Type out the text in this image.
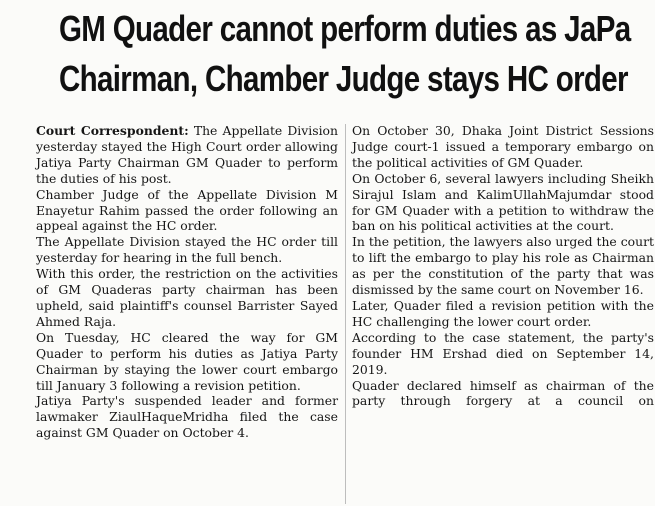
GM Quader cannot perform duties as JaPa
Chairman, Chamber Judge stays HC order

Court Correspondent: The Appellate Division yesterday stayed the High Court order allowing Jatiya Party Chairman GM Quader to perform the duties of his post.

Chamber Judge of the Appellate Division M Enayetur Rahim passed the order following an appeal against the HC order.

The Appellate Division stayed the HC order till yesterday for hearing in the full bench.

With this order, the restriction on the activities of GM Quaderas party chairman has been upheld, said plaintiff's counsel Barrister Sayed Ahmed Raja.

On Tuesday, HC cleared the way for GM Quader to perform his duties as Jatiya Party Chairman by staying the lower court embargo till January 3 following a revision petition.

Jatiya Party's suspended leader and former lawmaker ZiaulHaqueMridha filed the case against GM Quader on October 4.

On October 30, Dhaka Joint District Sessions Judge court-1 issued a temporary embargo on the political activities of GM Quader.

On October 6, several lawyers including Sheikh Sirajul Islam and KalimUllahMajumdar stood for GM Quader with a petition to withdraw the ban on his political activities at the court.

In the petition, the lawyers also urged the court to lift the embargo to play his role as Chairman as per the constitution of the party that was dismissed by the same court on November 16.

Later, Quader filed a revision petition with the HC challenging the lower court order.

According to the case statement, the party's founder HM Ershad died on September 14, 2019.

Quader declared himself as chairman of the party through forgery at a council on
